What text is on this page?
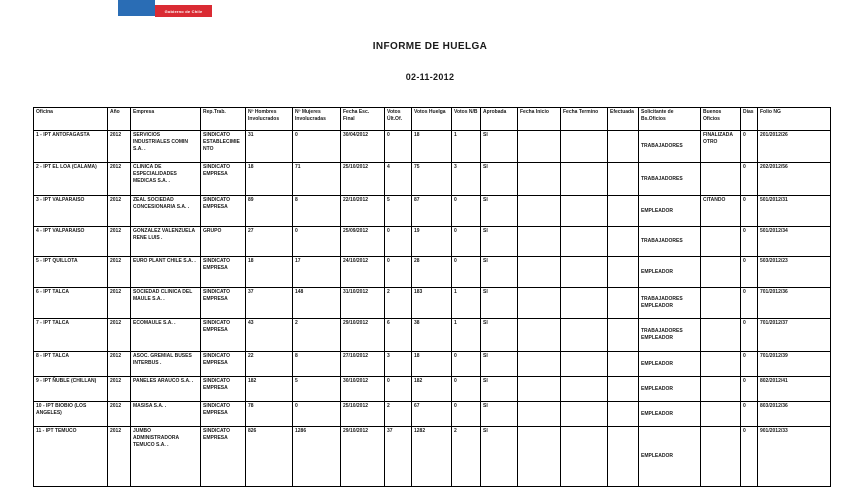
Gobierno de Chile
INFORME DE HUELGA
02-11-2012
Oficina	Año	Empresa	Rep.Trab.	Nº Hombres Involucrados	Nº Mujeres Involucradas	Fecha Esc. Final	Votos Últ.Of.	Votos Huelga	Votos N/B	Aprobada	Fecha Inicio	Fecha Termino	Efectuada	Solicitante de Bs.Oficios	Buenos Oficios	Días	Folio NG
1 - IPT ANTOFAGASTA	2012	SERVICIOS INDUSTRIALES COMIN S.A. .	SINDICATO ESTABLECIMIENTO	31	0	30/04/2012	0	18	1	SI				TRABAJADORES	FINALIZADA OTRO	0	201/2012/26
2 - IPT EL LOA (CALAMA)	2012	CLINICA DE ESPECIALIDADES MEDICAS S.A. .	SINDICATO EMPRESA	18	71	25/10/2012	4	75	3	SI				TRABAJADORES		0	202/2012/56
3 - IPT VALPARAISO	2012	ZEAL SOCIEDAD CONCESIONARIA S.A. .	SINDICATO EMPRESA	89	8	22/10/2012	5	87	0	SI				EMPLEADOR	CITANDO	0	501/2012/31
4 - IPT VALPARAISO	2012	GONZALEZ VALENZUELA RENE LUIS .	GRUPO	27	0	25/09/2012	0	19	0	SI				TRABAJADORES		0	501/2012/34
5 - IPT QUILLOTA	2012	EURO PLANT CHILE S.A. .	SINDICATO EMPRESA	18	17	24/10/2012	0	28	0	SI				EMPLEADOR		0	503/2012/23
6 - IPT TALCA	2012	SOCIEDAD CLINICA DEL MAULE S.A. .	SINDICATO EMPRESA	37	148	31/10/2012	2	183	1	SI				TRABAJADORES EMPLEADOR		0	701/2012/36
7 - IPT TALCA	2012	ECOMAULE S.A. .	SINDICATO EMPRESA	43	2	29/10/2012	6	38	1	SI				TRABAJADORES EMPLEADOR		0	701/2012/37
8 - IPT TALCA	2012	ASOC. GREMIAL BUSES INTERBUS .	SINDICATO EMPRESA	22	8	27/10/2012	3	18	0	SI				EMPLEADOR		0	701/2012/39
9 - IPT ÑUBLE (CHILLAN)	2012	PANELES ARAUCO S.A. .	SINDICATO EMPRESA	182	5	30/10/2012	0	182	0	SI				EMPLEADOR		0	802/2012/41
10 - IPT BIOBIO (LOS ANGELES)	2012	MASISA S.A. .	SINDICATO EMPRESA	78	0	25/10/2012	2	67	0	SI				EMPLEADOR		0	803/2012/36
11 - IPT TEMUCO	2012	JUMBO ADMINISTRADORA TEMUCO S.A. .	SINDICATO EMPRESA	826	1286	29/10/2012	37	1282	2	SI				EMPLEADOR		0	901/2012/33
